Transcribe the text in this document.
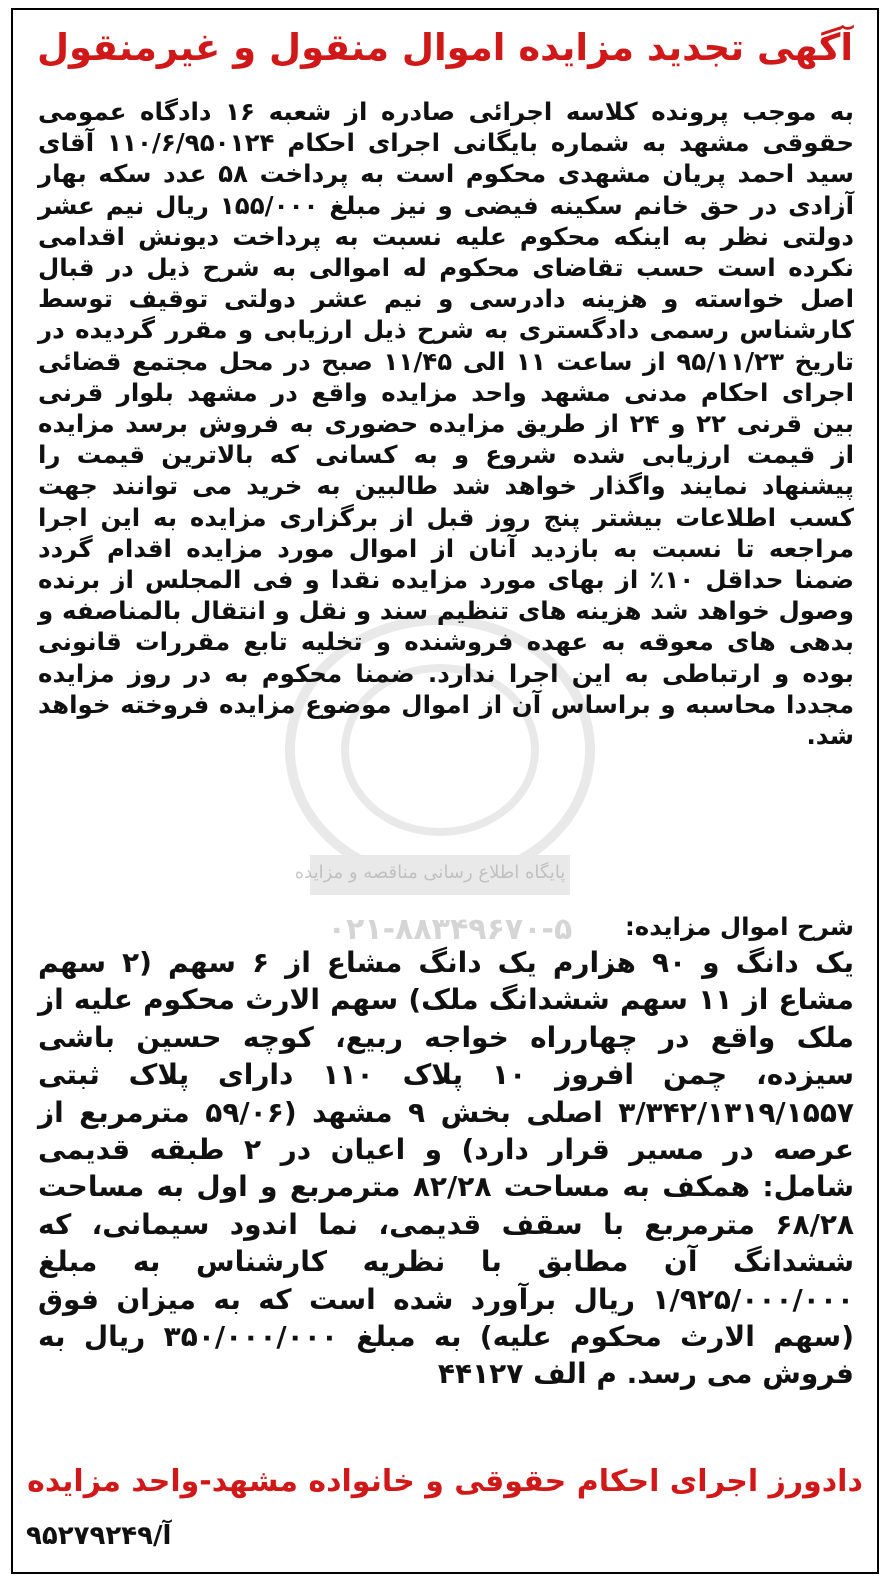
پایگاه اطلاع رسانی مناقصه و مزایده
۰۲۱-۸۸۳۴۹۶۷۰-۵
آگهی تجدید مزایده اموال منقول و غیرمنقول
به موجب پرونده کلاسه اجرائی صادره از شعبه ۱۶ دادگاه عمومی حقوقی مشهد به شماره بایگانی اجرای احکام ۱۱۰/۶/۹۵۰۱۲۴ آقای سید احمد پریان مشهدی محکوم است به پرداخت ۵۸ عدد سکه بهار آزادی در حق خانم سکینه فیضی و نیز مبلغ ۱۵۵/۰۰۰ ریال نیم عشر دولتی نظر به اینکه محکوم علیه نسبت به پرداخت دیونش اقدامی نکرده است حسب تقاضای محکوم له اموالی به شرح ذیل در قبال اصل خواسته و هزینه دادرسی و نیم عشر دولتی توقیف توسط کارشناس رسمی دادگستری به شرح ذیل ارزیابی و مقرر گردیده در تاریخ ۹۵/۱۱/۲۳ از ساعت ۱۱ الی ۱۱/۴۵ صبح در محل مجتمع قضائی اجرای احکام مدنی مشهد واحد مزایده واقع در مشهد بلوار قرنی بین قرنی ۲۲ و ۲۴ از طریق مزایده حضوری به فروش برسد مزایده از قیمت ارزیابی شده شروع و به کسانی که بالاترین قیمت را پیشنهاد نمایند واگذار خواهد شد طالبین به خرید می توانند جهت کسب اطلاعات بیشتر پنج روز قبل از برگزاری مزایده به این اجرا مراجعه تا نسبت به بازدید آنان از اموال مورد مزایده اقدام گردد ضمنا حداقل ۱۰٪ از بهای مورد مزایده نقدا و فی المجلس از برنده وصول خواهد شد هزینه های تنظیم سند و نقل و انتقال بالمناصفه و بدهی های معوقه به عهده فروشنده و تخلیه تابع مقررات قانونی بوده و ارتباطی به این اجرا ندارد. ضمنا محکوم به در روز مزایده مجددا محاسبه و براساس آن از اموال موضوع مزایده فروخته خواهد شد.
شرح اموال مزایده:
یک دانگ و ۹۰ هزارم یک دانگ مشاع از ۶ سهم (۲ سهم مشاع از ۱۱ سهم ششدانگ ملک) سهم الارث محکوم علیه از ملک واقع در چهارراه خواجه ربیع، کوچه حسین باشی سیزده، چمن افروز ۱۰ پلاک ۱۱۰ دارای پلاک ثبتی ۳/۳۴۲/۱۳۱۹/۱۵۵۷ اصلی بخش ۹ مشهد (۵۹/۰۶ مترمربع از عرصه در مسیر قرار دارد) و اعیان در ۲ طبقه قدیمی شامل: همکف به مساحت ۸۲/۲۸ مترمربع و اول به مساحت ۶۸/۲۸ مترمربع با سقف قدیمی، نما اندود سیمانی، که ششدانگ آن مطابق با نظریه کارشناس به مبلغ ۱/۹۲۵/۰۰۰/۰۰۰ ریال برآورد شده است که به میزان فوق (سهم الارث محکوم علیه) به مبلغ ۳۵۰/۰۰۰/۰۰۰ ریال به فروش می رسد. م الف ۴۴۱۲۷
دادورز اجرای احکام حقوقی و خانواده مشهد-واحد مزایده
آ/۹۵۲۷۹۲۴۹
